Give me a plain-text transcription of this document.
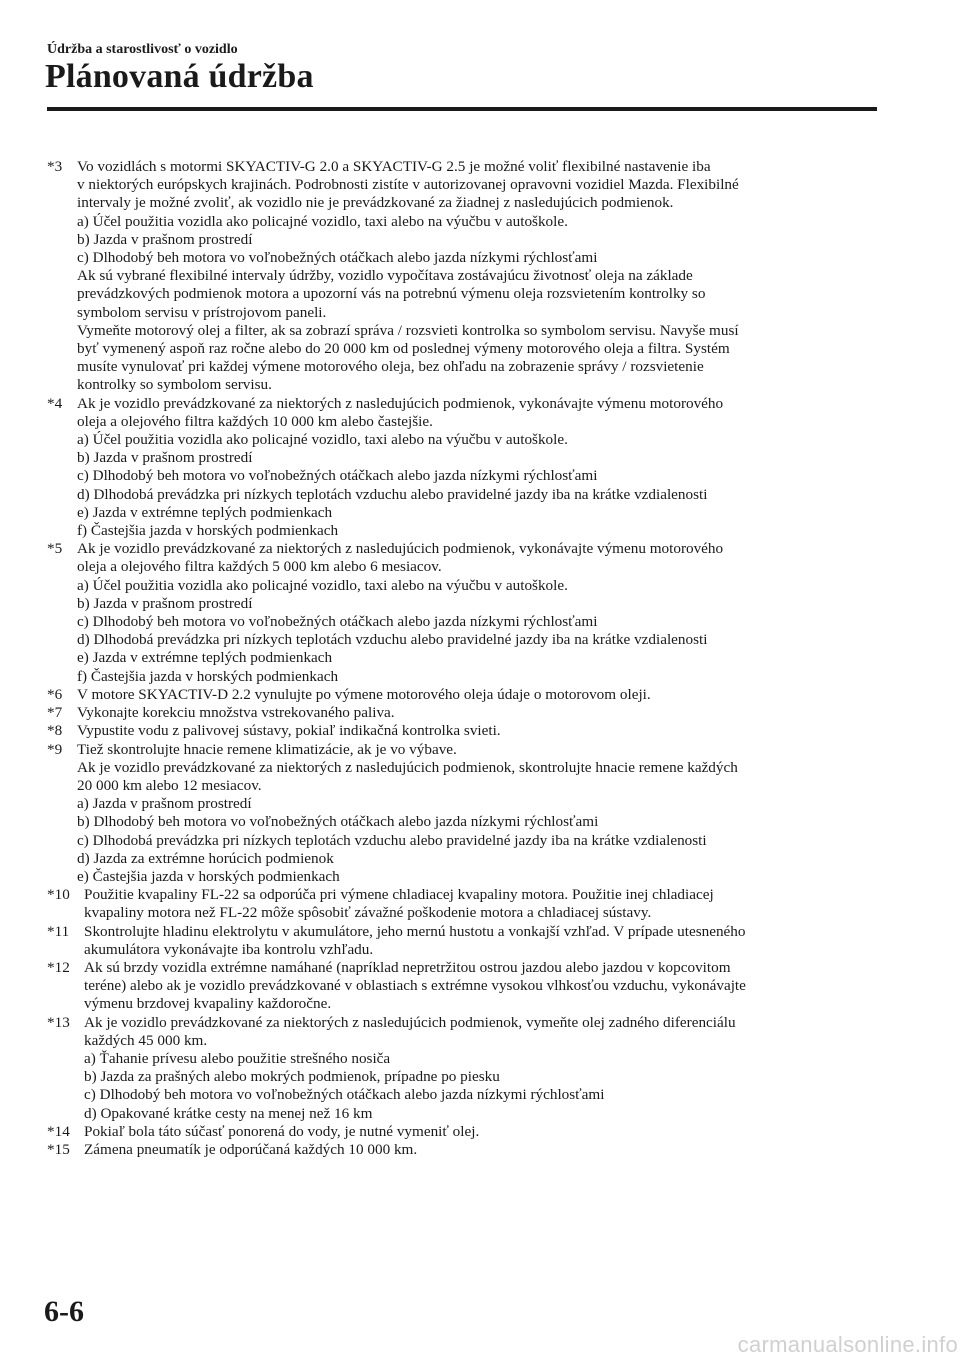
Údržba a starostlivosť o vozidlo
Plánovaná údržba
*3 Vo vozidlách s motormi SKYACTIV-G 2.0 a SKYACTIV-G 2.5 je možné voliť flexibilné nastavenie iba
v niektorých európskych krajinách. Podrobnosti zistíte v autorizovanej opravovni vozidiel Mazda. Flexibilné
intervaly je možné zvoliť, ak vozidlo nie je prevádzkované za žiadnej z nasledujúcich podmienok.
a) Účel použitia vozidla ako policajné vozidlo, taxi alebo na výučbu v autoškole.
b) Jazda v prašnom prostredí
c) Dlhodobý beh motora vo voľnobežných otáčkach alebo jazda nízkymi rýchlosťami
Ak sú vybrané flexibilné intervaly údržby, vozidlo vypočítava zostávajúcu životnosť oleja na základe
prevádzkových podmienok motora a upozorní vás na potrebnú výmenu oleja rozsvietením kontrolky so
symbolom servisu v prístrojovom paneli.
Vymeňte motorový olej a filter, ak sa zobrazí správa / rozsvieti kontrolka so symbolom servisu. Navyše musí
byť vymenený aspoň raz ročne alebo do 20 000 km od poslednej výmeny motorového oleja a filtra. Systém
musíte vynulovať pri každej výmene motorového oleja, bez ohľadu na zobrazenie správy / rozsvietenie
kontrolky so symbolom servisu.
*4 Ak je vozidlo prevádzkované za niektorých z nasledujúcich podmienok, vykonávajte výmenu motorového
oleja a olejového filtra každých 10 000 km alebo častejšie.
a) Účel použitia vozidla ako policajné vozidlo, taxi alebo na výučbu v autoškole.
b) Jazda v prašnom prostredí
c) Dlhodobý beh motora vo voľnobežných otáčkach alebo jazda nízkymi rýchlosťami
d) Dlhodobá prevádzka pri nízkych teplotách vzduchu alebo pravidelné jazdy iba na krátke vzdialenosti
e) Jazda v extrémne teplých podmienkach
f) Častejšia jazda v horských podmienkach
*5 Ak je vozidlo prevádzkované za niektorých z nasledujúcich podmienok, vykonávajte výmenu motorového
oleja a olejového filtra každých 5 000 km alebo 6 mesiacov.
a) Účel použitia vozidla ako policajné vozidlo, taxi alebo na výučbu v autoškole.
b) Jazda v prašnom prostredí
c) Dlhodobý beh motora vo voľnobežných otáčkach alebo jazda nízkymi rýchlosťami
d) Dlhodobá prevádzka pri nízkych teplotách vzduchu alebo pravidelné jazdy iba na krátke vzdialenosti
e) Jazda v extrémne teplých podmienkach
f) Častejšia jazda v horských podmienkach
*6 V motore SKYACTIV-D 2.2 vynulujte po výmene motorového oleja údaje o motorovom oleji.
*7 Vykonajte korekciu množstva vstrekovaného paliva.
*8 Vypustite vodu z palivovej sústavy, pokiaľ indikačná kontrolka svieti.
*9 Tiež skontrolujte hnacie remene klimatizácie, ak je vo výbave.
Ak je vozidlo prevádzkované za niektorých z nasledujúcich podmienok, skontrolujte hnacie remene každých
20 000 km alebo 12 mesiacov.
a) Jazda v prašnom prostredí
b) Dlhodobý beh motora vo voľnobežných otáčkach alebo jazda nízkymi rýchlosťami
c) Dlhodobá prevádzka pri nízkych teplotách vzduchu alebo pravidelné jazdy iba na krátke vzdialenosti
d) Jazda za extrémne horúcich podmienok
e) Častejšia jazda v horských podmienkach
*10 Použitie kvapaliny FL-22 sa odporúča pri výmene chladiacej kvapaliny motora. Použitie inej chladiacej
kvapaliny motora než FL-22 môže spôsobiť závažné poškodenie motora a chladiacej sústavy.
*11 Skontrolujte hladinu elektrolytu v akumulátore, jeho mernú hustotu a vonkajší vzhľad. V prípade utesneného
akumulátora vykonávajte iba kontrolu vzhľadu.
*12 Ak sú brzdy vozidla extrémne namáhané (napríklad nepretržitou ostrou jazdou alebo jazdou v kopcovitom
teréne) alebo ak je vozidlo prevádzkované v oblastiach s extrémne vysokou vlhkosťou vzduchu, vykonávajte
výmenu brzdovej kvapaliny každoročne.
*13 Ak je vozidlo prevádzkované za niektorých z nasledujúcich podmienok, vymeňte olej zadného diferenciálu
každých 45 000 km.
a) Ťahanie prívesu alebo použitie strešného nosiča
b) Jazda za prašných alebo mokrých podmienok, prípadne po piesku
c) Dlhodobý beh motora vo voľnobežných otáčkach alebo jazda nízkymi rýchlosťami
d) Opakované krátke cesty na menej než 16 km
*14 Pokiaľ bola táto súčasť ponorená do vody, je nutné vymeniť olej.
*15 Zámena pneumatík je odporúčaná každých 10 000 km.
6-6
carmanualsonline.info
